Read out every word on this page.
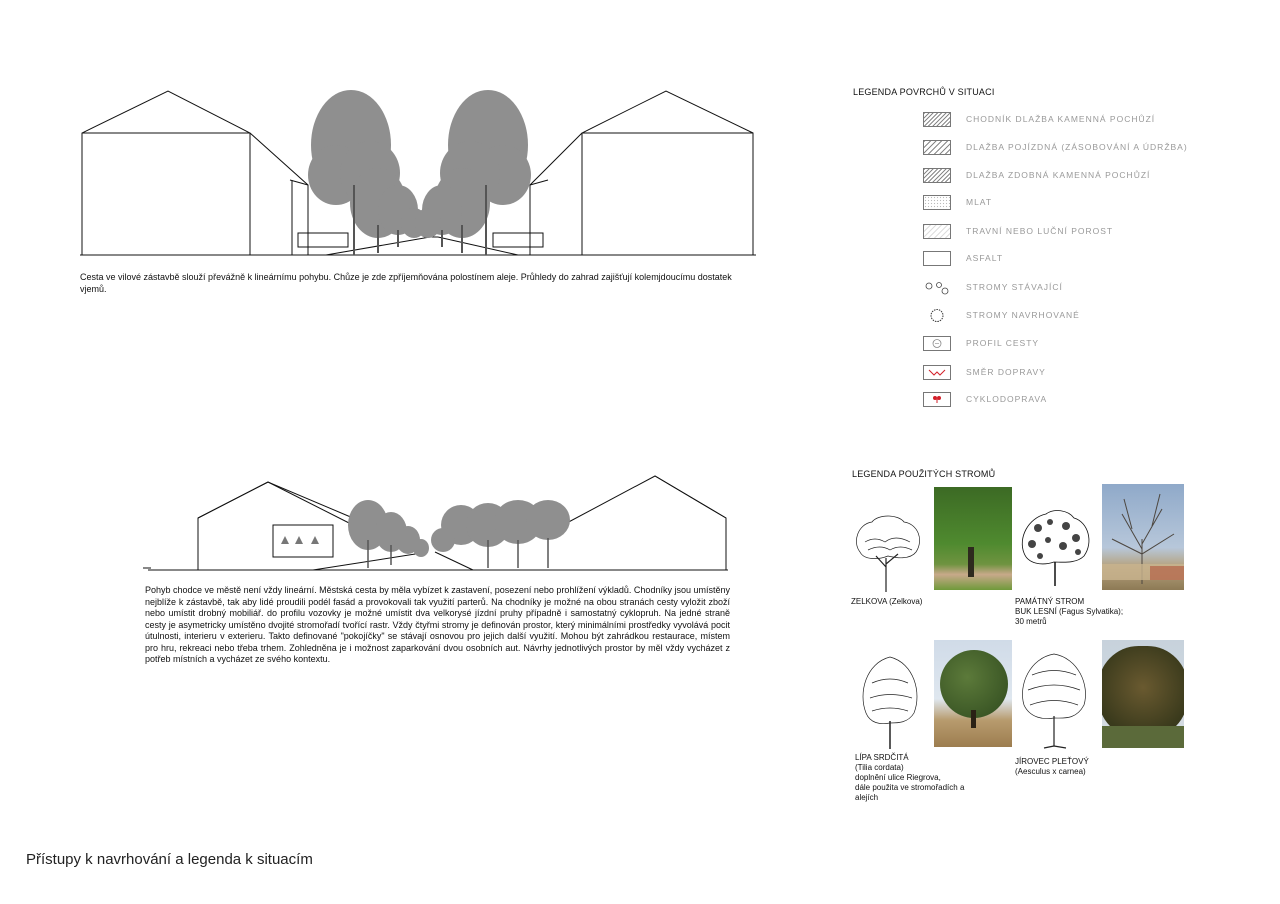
Cesta ve vilové zástavbě slouží převážně k lineárnímu pohybu. Chůze je zde zpříjemňována polostínem aleje. Průhledy do zahrad zajišťují kolemjdoucímu dostatek vjemů.
Pohyb chodce ve městě není vždy lineární. Městská cesta by měla vybízet k zastavení, posezení nebo prohlížení výkladů. Chodníky jsou umístěny nejblíže k zástavbě, tak aby lidé proudili podél fasád a provokovali tak využití parterů. Na chodníky je možné na obou stranách cesty vyložit zboží nebo umístit drobný mobiliář. do profilu vozovky je možné umístit dva velkorysé jízdní pruhy případně i samostatný cyklopruh. Na jedné straně cesty je asymetricky umístěno dvojité stromořadí tvořící rastr. Vždy čtyřmi stromy je definován prostor, který minimálními prostředky vyvolává pocit útulnosti, interieru v exterieru. Takto definované "pokojíčky" se stávají osnovou pro jejich další využití. Mohou být zahrádkou restaurace, místem pro hru, rekreaci nebo třeba trhem. Zohledněna je i možnost zaparkování dvou osobních aut. Návrhy jednotlivých prostor by měl vždy vycházet z potřeb místních a vycházet ze svého kontextu.
LEGENDA POVRCHŮ V SITUACI
CHODNÍK DLAŽBA KAMENNÁ POCHŮZÍ
DLAŽBA POJÍZDNÁ (ZÁSOBOVÁNÍ A ÚDRŽBA)
DLAŽBA ZDOBNÁ KAMENNÁ POCHŮZÍ
MLAT
TRAVNÍ NEBO LUČNÍ POROST
ASFALT
STROMY STÁVAJÍCÍ
STROMY NAVRHOVANÉ
PROFIL CESTY
SMĚR DOPRAVY
CYKLODOPRAVA
LEGENDA POUŽITÝCH STROMŮ
ZELKOVA (Zelkova)	PAMÁTNÝ STROM
BUK LESNÍ (Fagus Sylvatika);
30 metrů
LÍPA SRDČITÁ
(Tilia cordata)
doplnění ulice Riegrova,
dále použita ve stromořadích a
alejích
JÍROVEC PLEŤOVÝ
(Aesculus x carnea)
Přístupy k navrhování a legenda k situacím
